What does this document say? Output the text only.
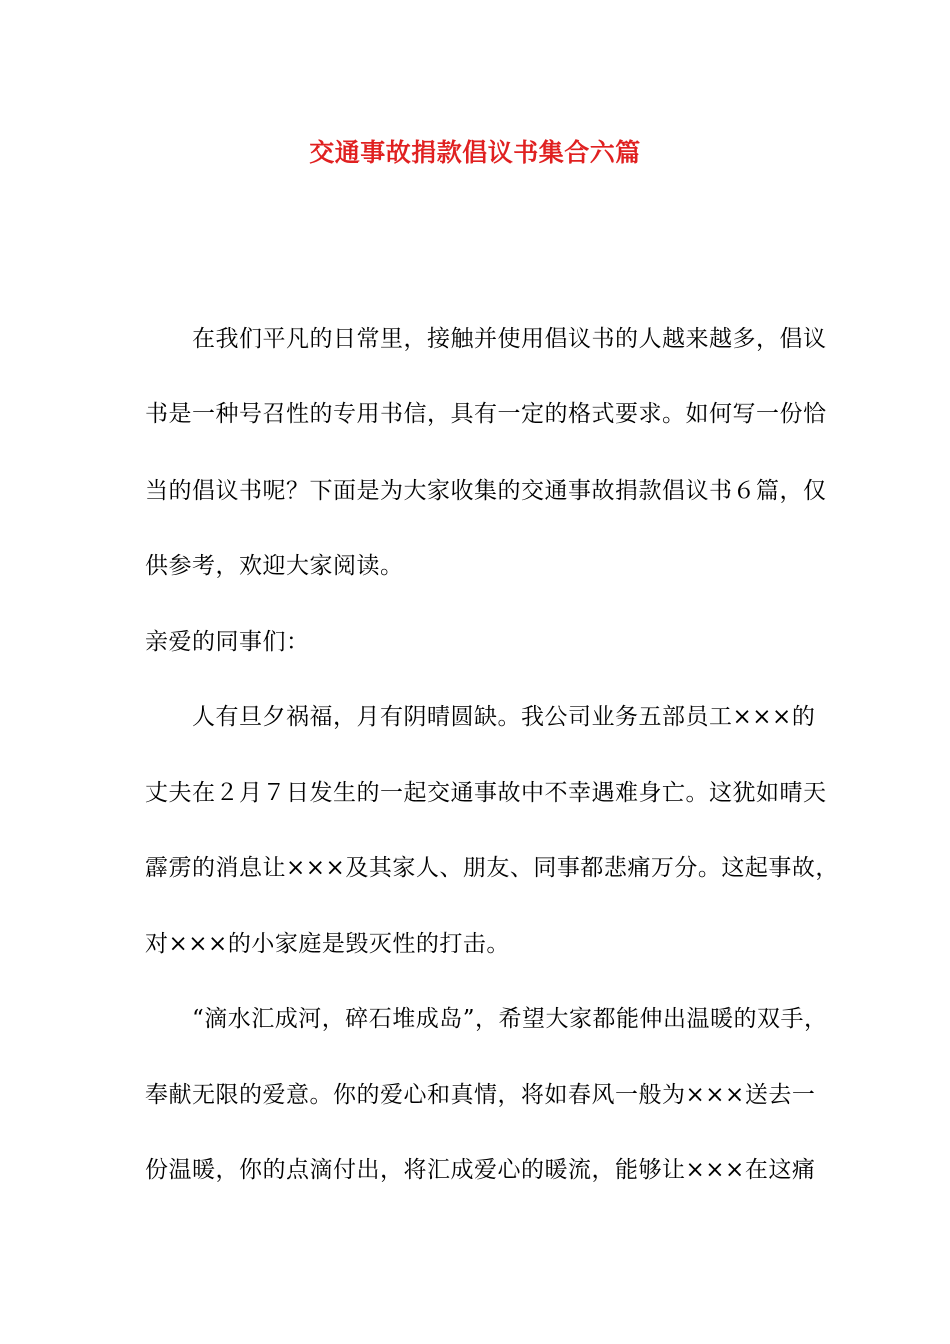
交通事故捐款倡议书集合六篇
　　在我们平凡的日常里，接触并使用倡议书的人越来越多，倡议
书是一种号召性的专用书信，具有一定的格式要求。如何写一份恰
当的倡议书呢？下面是为大家收集的交通事故捐款倡议书６篇，仅
供参考，欢迎大家阅读。
亲爱的同事们：
　　人有旦夕祸福，月有阴晴圆缺。我公司业务五部员工×××的
丈夫在２月７日发生的一起交通事故中不幸遇难身亡。这犹如晴天
霹雳的消息让×××及其家人、朋友、同事都悲痛万分。这起事故，
对×××的小家庭是毁灭性的打击。
　　“滴水汇成河，碎石堆成岛”，希望大家都能伸出温暖的双手，
奉献无限的爱意。你的爱心和真情，将如春风一般为×××送去一
份温暖，你的点滴付出，将汇成爱心的暖流，能够让×××在这痛
